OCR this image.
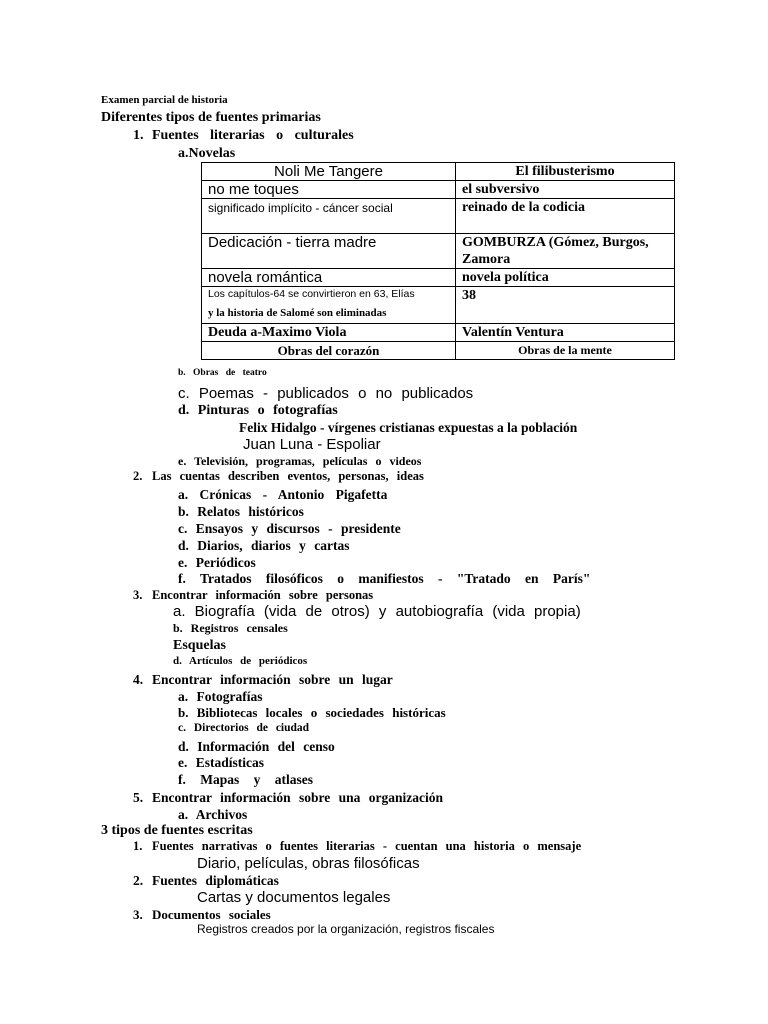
Examen parcial de historia
Diferentes tipos de fuentes primarias
1. Fuentes literarias o culturales
a.Novelas
Noli Me Tangere	El filibusterismo
no me toques	el subversivo
significado implícito - cáncer social	reinado de la codicia
Dedicación - tierra madre	GOMBURZA (Gómez, Burgos, Zamora
novela romántica	novela política

Los capítulos-64 se convirtieron en 63, Elías
y la historia de Salomé son eliminadas	38
Deuda a-Maximo Viola	Valentín Ventura
Obras del corazón	Obras de la mente
b. Obras de teatro
c. Poemas - publicados o no publicados
d. Pinturas o fotografías
Felix Hidalgo - vírgenes cristianas expuestas a la población
Juan Luna - Espoliar
e. Televisión, programas, películas o videos
2. Las cuentas describen eventos, personas, ideas
a. Crónicas - Antonio Pigafetta
b. Relatos históricos
c. Ensayos y discursos - presidente
d. Diarios, diarios y cartas
e. Periódicos
f. Tratados filosóficos o manifiestos - "Tratado en París"
3. Encontrar información sobre personas
a. Biografía (vida de otros) y autobiografía (vida propia)
b. Registros censales
Esquelas
d. Artículos de periódicos
4. Encontrar información sobre un lugar
a. Fotografías
b. Bibliotecas locales o sociedades históricas
c. Directorios de ciudad
d. Información del censo
e. Estadísticas
f. Mapas y atlases
5. Encontrar información sobre una organización
a. Archivos
3 tipos de fuentes escritas
1. Fuentes narrativas o fuentes literarias - cuentan una historia o mensaje
Diario, películas, obras filosóficas
2. Fuentes diplomáticas
Cartas y documentos legales
3. Documentos sociales
Registros creados por la organización, registros fiscales
